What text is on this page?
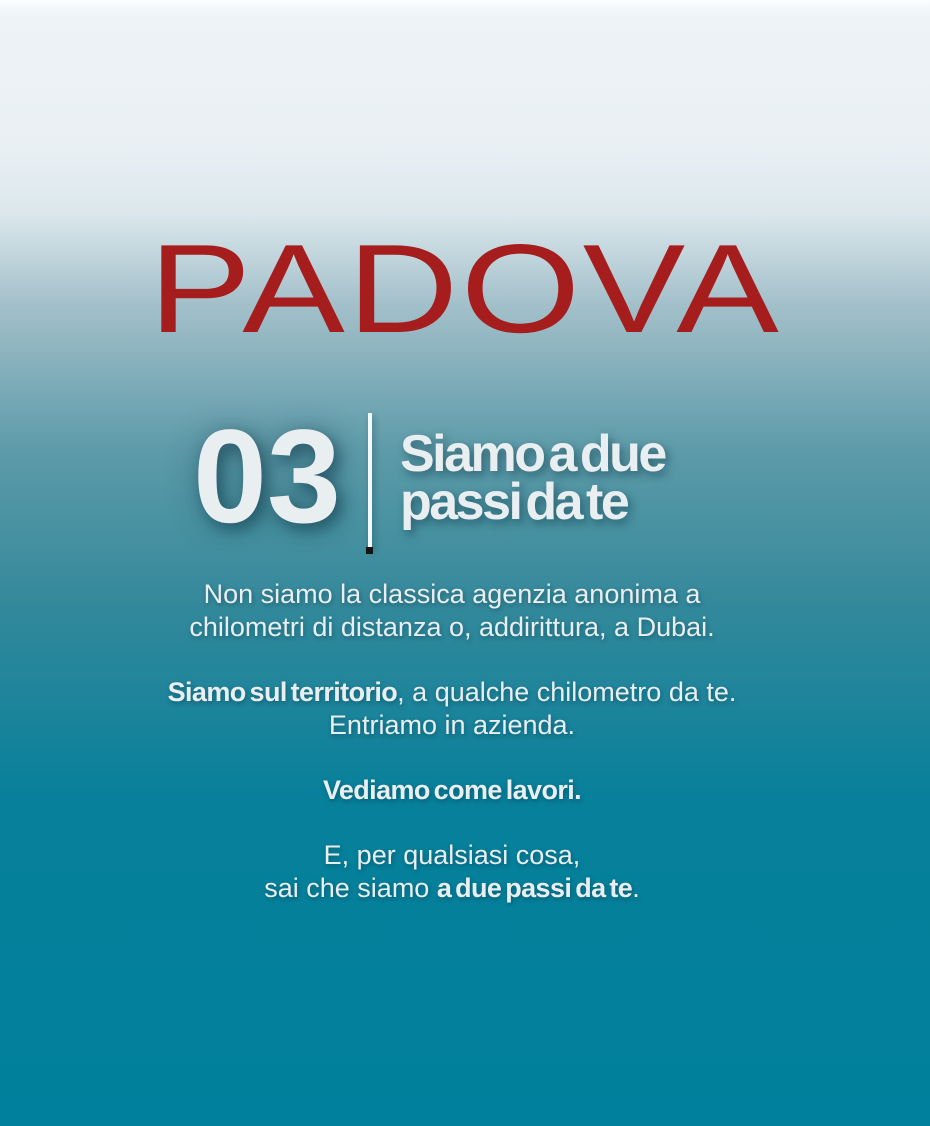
PADOVA
03 Siamo a due
passi da te

Non siamo la classica agenzia anonima a
chilometri di distanza o, addirittura, a Dubai.

Siamo sul territorio, a qualche chilometro da te.
Entriamo in azienda.

Vediamo come lavori.

E, per qualsiasi cosa,
sai che siamo a due passi da te.
